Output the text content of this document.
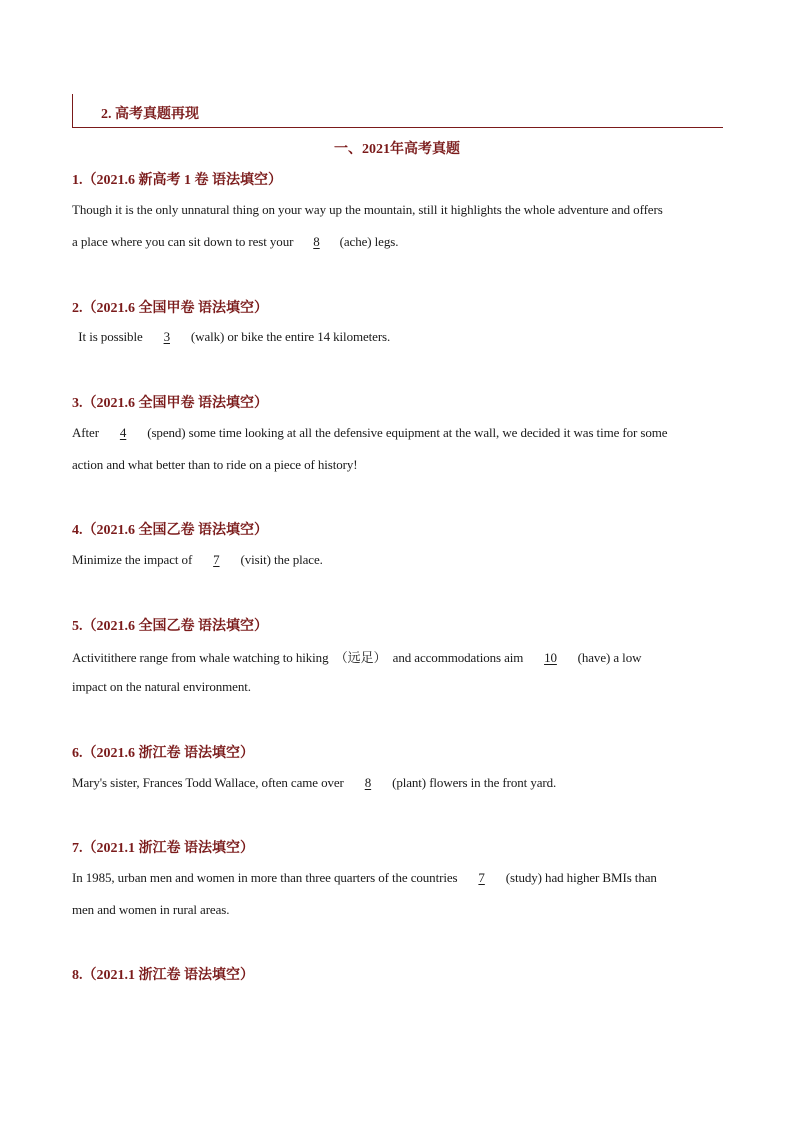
2. 高考真题再现
一、2021年高考真题
1.（2021.6 新高考 1 卷 语法填空）
Though it is the only unnatural thing on your way up the mountain, still it highlights the whole adventure and offers
a place where you can sit down to rest your 8 (ache) legs.
2.（2021.6 全国甲卷 语法填空）
It is possible 3 (walk) or bike the entire 14 kilometers.
3.（2021.6 全国甲卷 语法填空）
After 4 (spend) some time looking at all the defensive equipment at the wall, we decided it was time for some
action and what better than to ride on a piece of history!
4.（2021.6 全国乙卷 语法填空）
Minimize the impact of 7 (visit) the place.
5.（2021.6 全国乙卷 语法填空）
Activitithere range from whale watching to hiking  （远足）  and accommodations aim 10 (have) a low
impact on the natural environment.
6.（2021.6 浙江卷 语法填空）
Mary's sister, Frances Todd Wallace, often came over 8 (plant) flowers in the front yard.
7.（2021.1 浙江卷 语法填空）
In 1985, urban men and women in more than three quarters of the countries 7 (study) had higher BMIs than
men and women in rural areas.
8.（2021.1 浙江卷 语法填空）
